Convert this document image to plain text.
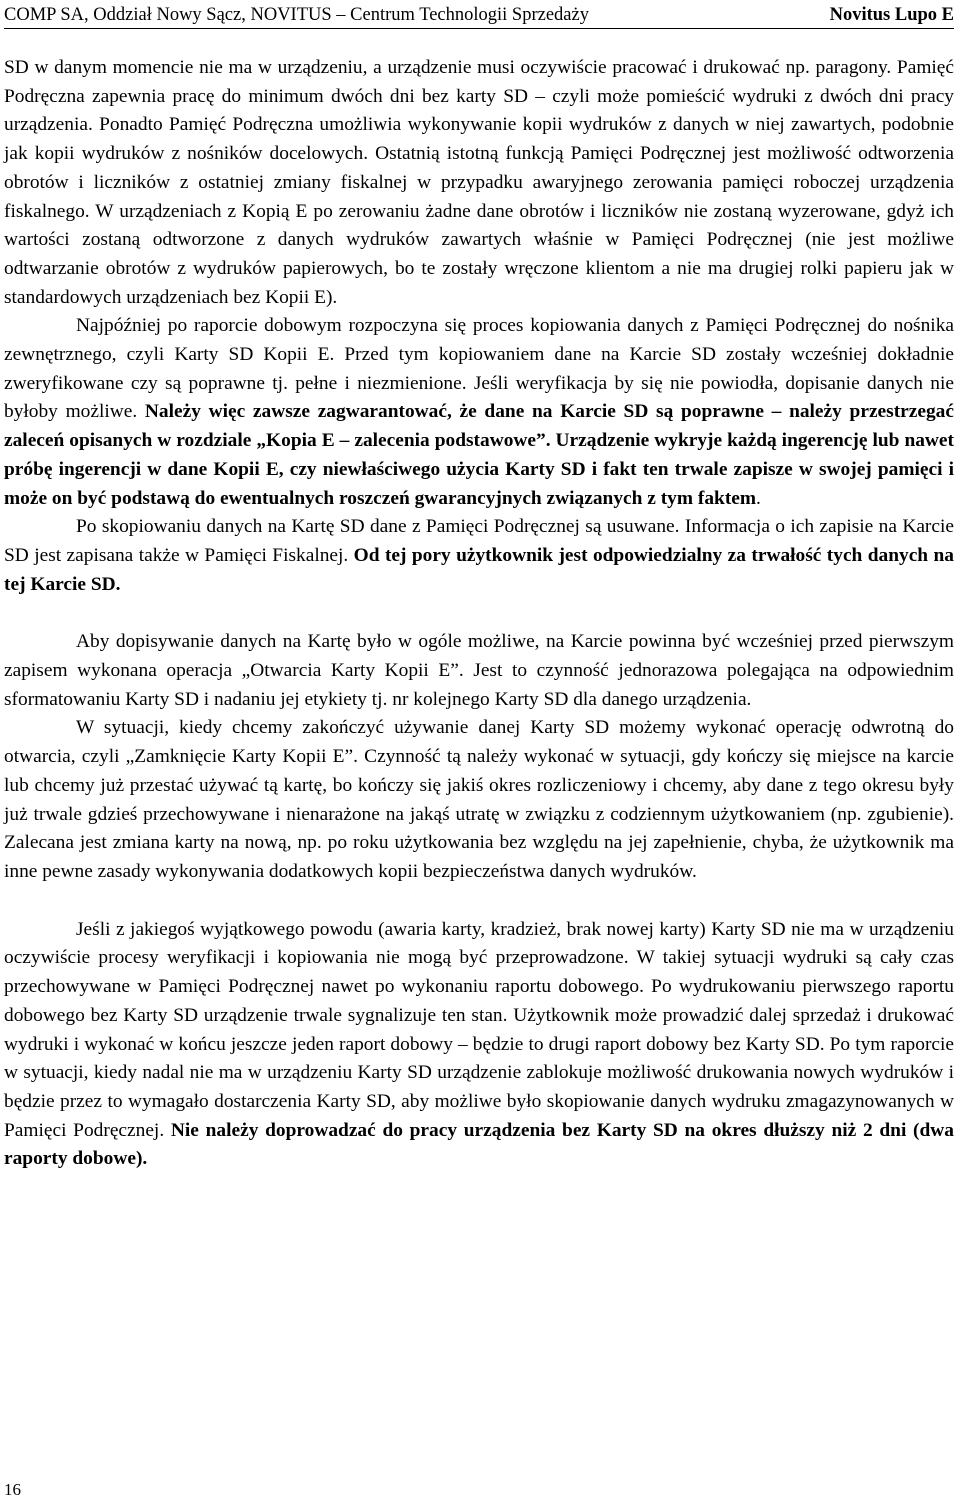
COMP SA, Oddział Nowy Sącz, NOVITUS – Centrum Technologii Sprzedaży	Novitus Lupo E

SD w danym momencie nie ma w urządzeniu, a urządzenie musi oczywiście pracować i drukować np. paragony. Pamięć Podręczna zapewnia pracę do minimum dwóch dni bez karty SD – czyli może pomieścić wydruki z dwóch dni pracy urządzenia. Ponadto Pamięć Podręczna umożliwia wykonywanie kopii wydruków z danych w niej zawartych, podobnie jak kopii wydruków z nośników docelowych. Ostatnią istotną funkcją Pamięci Podręcznej jest możliwość odtworzenia obrotów i liczników z ostatniej zmiany fiskalnej w przypadku awaryjnego zerowania pamięci roboczej urządzenia fiskalnego. W urządzeniach z Kopią E po zerowaniu żadne dane obrotów i liczników nie zostaną wyzerowane, gdyż ich wartości zostaną odtworzone z danych wydruków zawartych właśnie w Pamięci Podręcznej (nie jest możliwe odtwarzanie obrotów z wydruków papierowych, bo te zostały wręczone klientom a nie ma drugiej rolki papieru jak w standardowych urządzeniach bez Kopii E).

Najpóźniej po raporcie dobowym rozpoczyna się proces kopiowania danych z Pamięci Podręcznej do nośnika zewnętrznego, czyli Karty SD Kopii E. Przed tym kopiowaniem dane na Karcie SD zostały wcześniej dokładnie zweryfikowane czy są poprawne tj. pełne i niezmienione. Jeśli weryfikacja by się nie powiodła, dopisanie danych nie byłoby możliwe. Należy więc zawsze zagwarantować, że dane na Karcie SD są poprawne – należy przestrzegać zaleceń opisanych w rozdziale „Kopia E – zalecenia podstawowe”. Urządzenie wykryje każdą ingerencję lub nawet próbę ingerencji w dane Kopii E, czy niewłaściwego użycia Karty SD i fakt ten trwale zapisze w swojej pamięci i może on być podstawą do ewentualnych roszczeń gwarancyjnych związanych z tym faktem.

Po skopiowaniu danych na Kartę SD dane z Pamięci Podręcznej są usuwane. Informacja o ich zapisie na Karcie SD jest zapisana także w Pamięci Fiskalnej. Od tej pory użytkownik jest odpowiedzialny za trwałość tych danych na tej Karcie SD.

Aby dopisywanie danych na Kartę było w ogóle możliwe, na Karcie powinna być wcześniej przed pierwszym zapisem wykonana operacja „Otwarcia Karty Kopii E”. Jest to czynność jednorazowa polegająca na odpowiednim sformatowaniu Karty SD i nadaniu jej etykiety tj. nr kolejnego Karty SD dla danego urządzenia.

W sytuacji, kiedy chcemy zakończyć używanie danej Karty SD możemy wykonać operację odwrotną do otwarcia, czyli „Zamknięcie Karty Kopii E”. Czynność tą należy wykonać w sytuacji, gdy kończy się miejsce na karcie lub chcemy już przestać używać tą kartę, bo kończy się jakiś okres rozliczeniowy i chcemy, aby dane z tego okresu były już trwale gdzieś przechowywane i nienarażone na jakąś utratę w związku z codziennym użytkowaniem (np. zgubienie). Zalecana jest zmiana karty na nową, np. po roku użytkowania bez względu na jej zapełnienie, chyba, że użytkownik ma inne pewne zasady wykonywania dodatkowych kopii bezpieczeństwa danych wydruków.

Jeśli z jakiegoś wyjątkowego powodu (awaria karty, kradzież, brak nowej karty) Karty SD nie ma w urządzeniu oczywiście procesy weryfikacji i kopiowania nie mogą być przeprowadzone. W takiej sytuacji wydruki są cały czas przechowywane w Pamięci Podręcznej nawet po wykonaniu raportu dobowego. Po wydrukowaniu pierwszego raportu dobowego bez Karty SD urządzenie trwale sygnalizuje ten stan. Użytkownik może prowadzić dalej sprzedaż i drukować wydruki i wykonać w końcu jeszcze jeden raport dobowy – będzie to drugi raport dobowy bez Karty SD. Po tym raporcie w sytuacji, kiedy nadal nie ma w urządzeniu Karty SD urządzenie zablokuje możliwość drukowania nowych wydruków i będzie przez to wymagało dostarczenia Karty SD, aby możliwe było skopiowanie danych wydruku zmagazynowanych w Pamięci Podręcznej. Nie należy doprowadzać do pracy urządzenia bez Karty SD na okres dłuższy niż 2 dni (dwa raporty dobowe).

16
